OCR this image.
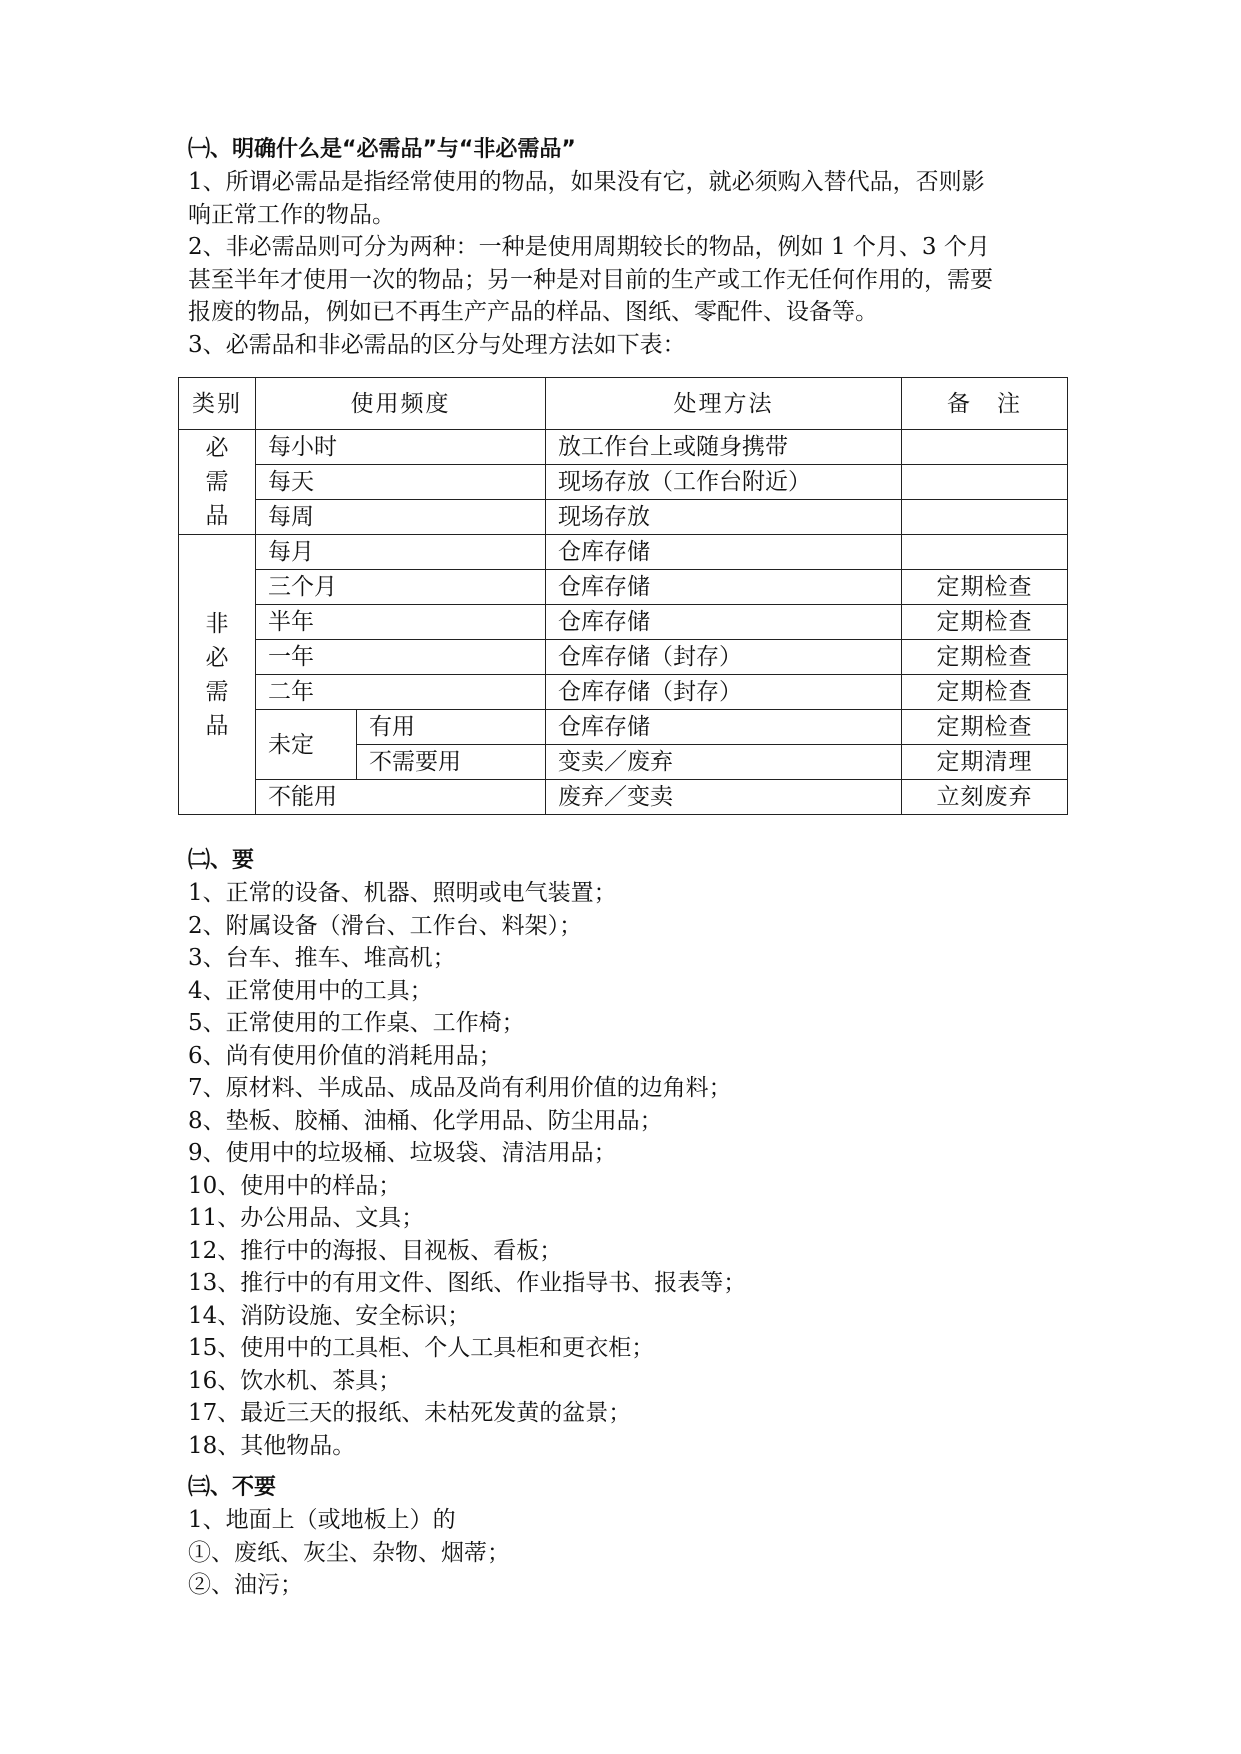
㈠、明确什么是“必需品”与“非必需品”
1、所谓必需品是指经常使用的物品，如果没有它，就必须购入替代品，否则影
响正常工作的物品。
2、非必需品则可分为两种：一种是使用周期较长的物品，例如 1 个月、3 个月
甚至半年才使用一次的物品；另一种是对目前的生产或工作无任何作用的，需要
报废的物品，例如已不再生产产品的样品、图纸、零配件、设备等。
3、必需品和非必需品的区分与处理方法如下表：
类别	使用频度		处理方法	备　注
必需品	每小时		放工作台上或随身携带	
	每天		现场存放（工作台附近）	
	每周		现场存放	
非必需品	每月		仓库存储	
	三个月		仓库存储	定期检查
	半年		仓库存储	定期检查
	一年		仓库存储（封存）	定期检查
	二年		仓库存储（封存）	定期检查
	未定	有用	仓库存储	定期检查
		不需要用	变卖／废弃	定期清理
	不能用		废弃／变卖	立刻废弃
㈡、要
1、正常的设备、机器、照明或电气装置；
2、附属设备（滑台、工作台、料架）；
3、台车、推车、堆高机；
4、正常使用中的工具；
5、正常使用的工作桌、工作椅；
6、尚有使用价值的消耗用品；
7、原材料、半成品、成品及尚有利用价值的边角料；
8、垫板、胶桶、油桶、化学用品、防尘用品；
9、使用中的垃圾桶、垃圾袋、清洁用品；
10、使用中的样品；
11、办公用品、文具；
12、推行中的海报、目视板、看板；
13、推行中的有用文件、图纸、作业指导书、报表等；
14、消防设施、安全标识；
15、使用中的工具柜、个人工具柜和更衣柜；
16、饮水机、茶具；
17、最近三天的报纸、未枯死发黄的盆景；
18、其他物品。
㈢、不要
1、地面上（或地板上）的
①、废纸、灰尘、杂物、烟蒂；
②、油污；
